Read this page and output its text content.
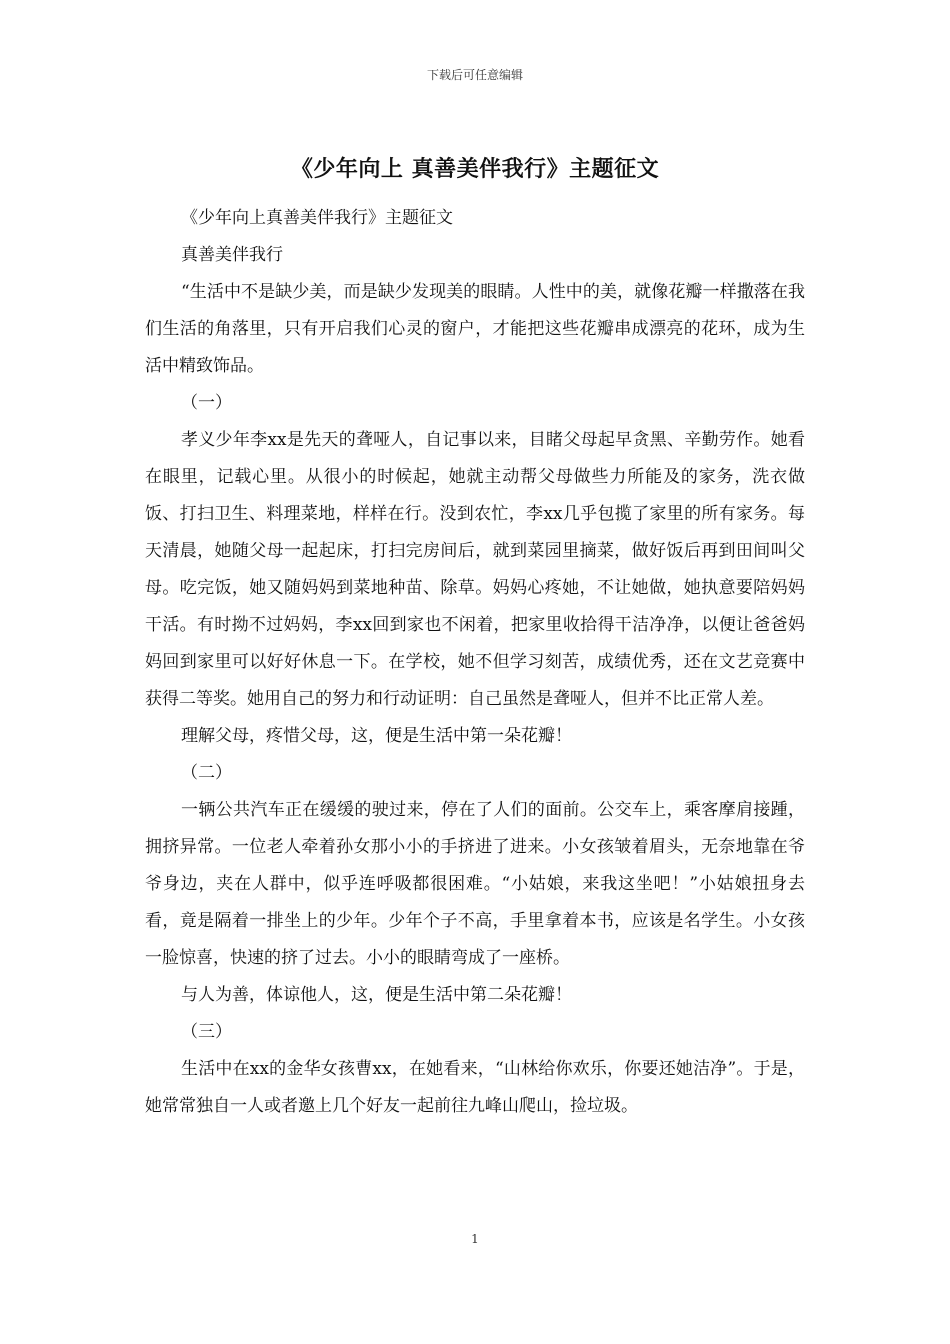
下载后可任意编辑
《少年向上 真善美伴我行》主题征文

《少年向上真善美伴我行》主题征文

真善美伴我行

“生活中不是缺少美，而是缺少发现美的眼睛。人性中的美，就像花瓣一样撒落在我们生活的角落里，只有开启我们心灵的窗户，才能把这些花瓣串成漂亮的花环，成为生活中精致饰品。

（一）

孝义少年李xx是先天的聋哑人，自记事以来，目睹父母起早贪黑、辛勤劳作。她看在眼里，记载心里。从很小的时候起，她就主动帮父母做些力所能及的家务，洗衣做饭、打扫卫生、料理菜地，样样在行。没到农忙，李xx几乎包揽了家里的所有家务。每天清晨，她随父母一起起床，打扫完房间后，就到菜园里摘菜，做好饭后再到田间叫父母。吃完饭，她又随妈妈到菜地种苗、除草。妈妈心疼她，不让她做，她执意要陪妈妈干活。有时拗不过妈妈，李xx回到家也不闲着，把家里收拾得干洁净净，以便让爸爸妈妈回到家里可以好好休息一下。在学校，她不但学习刻苦，成绩优秀，还在文艺竞赛中获得二等奖。她用自己的努力和行动证明：自己虽然是聋哑人，但并不比正常人差。

理解父母，疼惜父母，这，便是生活中第一朵花瓣！

（二）

一辆公共汽车正在缓缓的驶过来，停在了人们的面前。公交车上，乘客摩肩接踵，拥挤异常。一位老人牵着孙女那小小的手挤进了进来。小女孩皱着眉头，无奈地靠在爷爷身边，夹在人群中，似乎连呼吸都很困难。“小姑娘，来我这坐吧！”小姑娘扭身去看，竟是隔着一排坐上的少年。少年个子不高，手里拿着本书，应该是名学生。小女孩一脸惊喜，快速的挤了过去。小小的眼睛弯成了一座桥。

与人为善，体谅他人，这，便是生活中第二朵花瓣！

（三）

生活中在xx的金华女孩曹xx，在她看来，“山林给你欢乐，你要还她洁净”。于是，她常常独自一人或者邀上几个好友一起前往九峰山爬山，捡垃圾。

1
